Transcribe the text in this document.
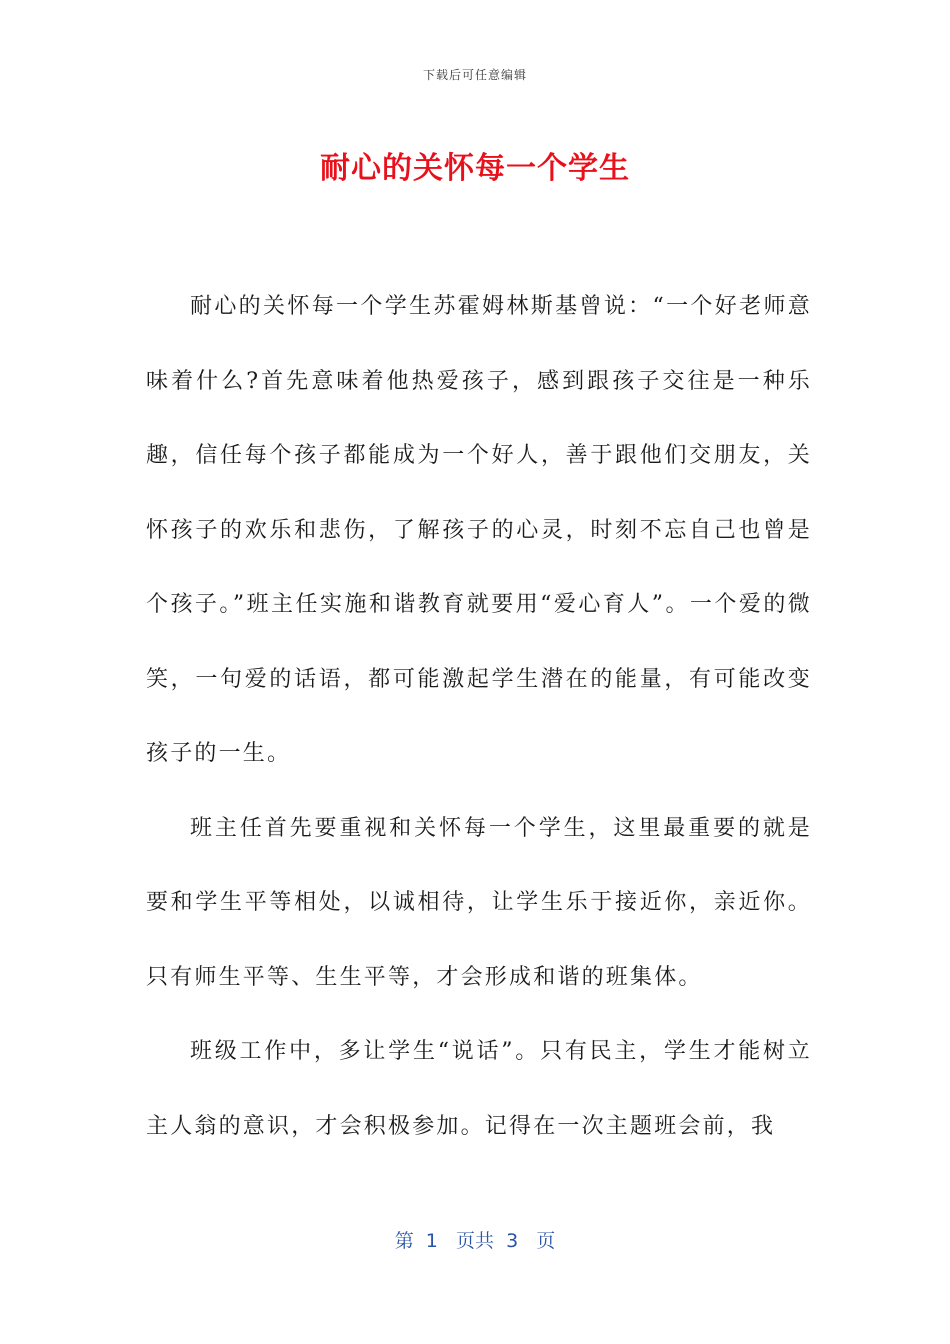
下载后可任意编辑
耐心的关怀每一个学生

耐心的关怀每一个学生苏霍姆林斯基曾说：“一个好老师意味着什么?首先意味着他热爱孩子，感到跟孩子交往是一种乐趣，信任每个孩子都能成为一个好人，善于跟他们交朋友，关怀孩子的欢乐和悲伤，了解孩子的心灵，时刻不忘自己也曾是个孩子。”班主任实施和谐教育就要用“爱心育人”。一个爱的微笑，一句爱的话语，都可能激起学生潜在的能量，有可能改变孩子的一生。

班主任首先要重视和关怀每一个学生，这里最重要的就是要和学生平等相处，以诚相待，让学生乐于接近你，亲近你。只有师生平等、生生平等，才会形成和谐的班集体。

班级工作中，多让学生“说话”。只有民主，学生才能树立主人翁的意识，才会积极参加。记得在一次主题班会前，我

第  1   页共  3   页
